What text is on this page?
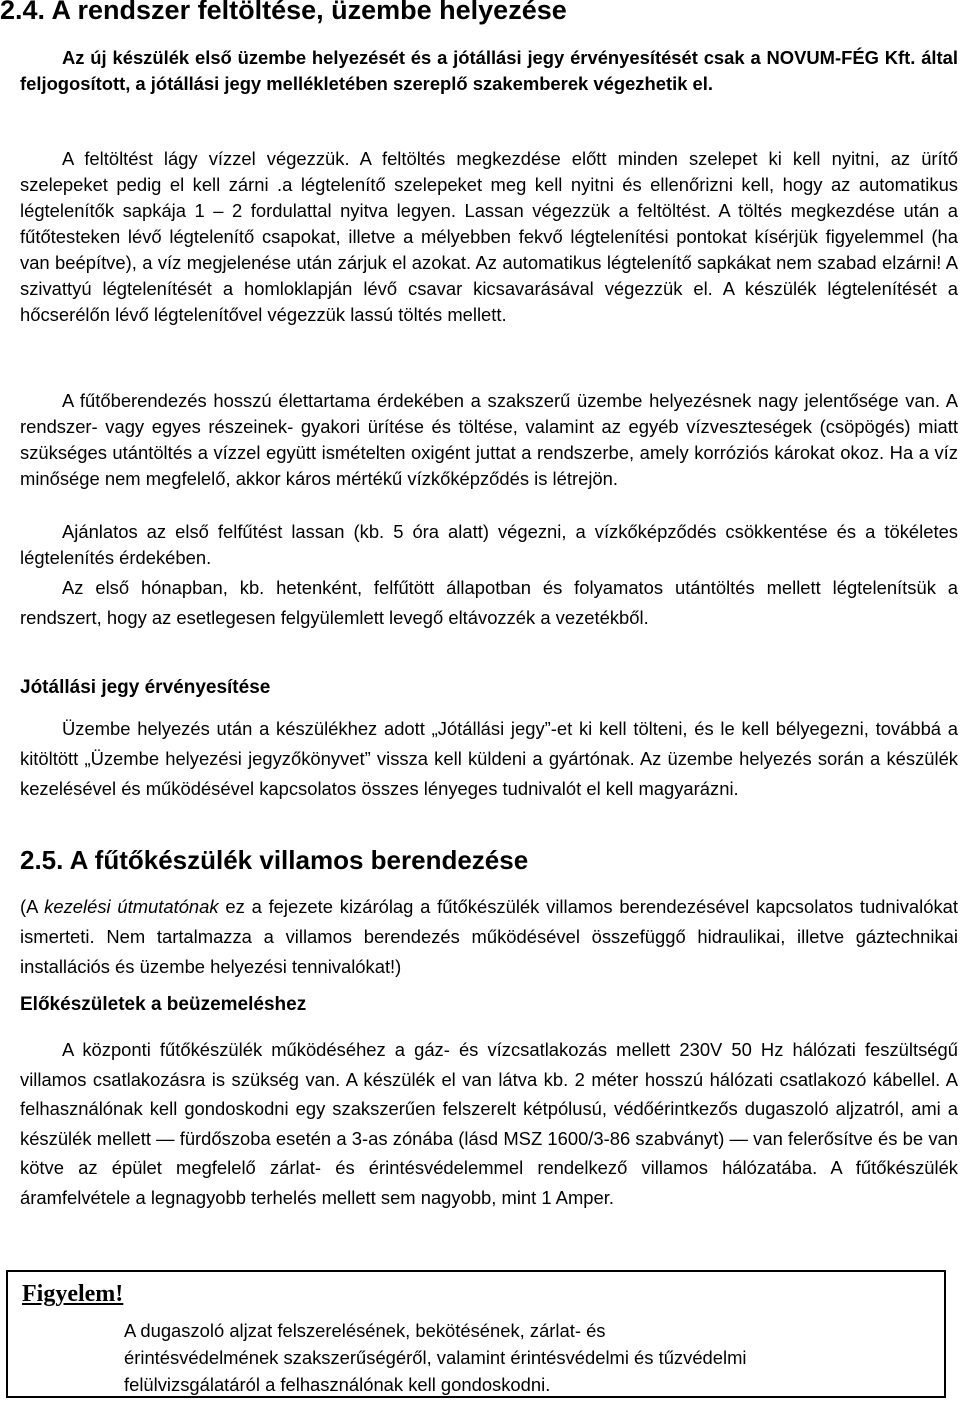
2.4. A rendszer feltöltése, üzembe helyezése

Az új készülék első üzembe helyezését és a jótállási jegy érvényesítését csak a NOVUM-FÉG Kft. által feljogosított, a jótállási jegy mellékletében szereplő szakemberek végezhetik el.

A feltöltést lágy vízzel végezzük. A feltöltés megkezdése előtt minden szelepet ki kell nyitni, az ürítő szelepeket pedig el kell zárni .a légtelenítő szelepeket meg kell nyitni és ellenőrizni kell, hogy az automatikus légtelenítők sapkája 1 – 2 fordulattal nyitva legyen. Lassan végezzük a feltöltést. A töltés megkezdése után a fűtőtesteken lévő légtelenítő csapokat, illetve a mélyebben fekvő légtelenítési pontokat kísérjük figyelemmel (ha van beépítve), a víz megjelenése után zárjuk el azokat. Az automatikus légtelenítő sapkákat nem szabad elzárni! A szivattyú légtelenítését a homloklapján lévő csavar kicsavarásával végezzük el. A készülék légtelenítését a hőcserélőn lévő légtelenítővel végezzük lassú töltés mellett.

A fűtőberendezés hosszú élettartama érdekében a szakszerű üzembe helyezésnek nagy jelentősége van. A rendszer- vagy egyes részeinek- gyakori ürítése és töltése, valamint az egyéb vízveszteségek (csöpögés) miatt szükséges utántöltés a vízzel együtt ismételten oxigént juttat a rendszerbe, amely korróziós károkat okoz. Ha a víz minősége nem megfelelő, akkor káros mértékű vízkőképződés is létrejön.

Ajánlatos az első felfűtést lassan (kb. 5 óra alatt) végezni, a vízkőképződés csökkentése és a tökéletes légtelenítés érdekében.

Az első hónapban, kb. hetenként, felfűtött állapotban és folyamatos utántöltés mellett légtelenítsük a rendszert, hogy az esetlegesen felgyülemlett levegő eltávozzék a vezetékből.

Jótállási jegy érvényesítése

Üzembe helyezés után a készülékhez adott „Jótállási jegy”-et ki kell tölteni, és le kell bélyegezni, továbbá a kitöltött „Üzembe helyezési jegyzőkönyvet” vissza kell küldeni a gyártónak. Az üzembe helyezés során a készülék kezelésével és működésével kapcsolatos összes lényeges tudnivalót el kell magyarázni.

2.5. A fűtőkészülék villamos berendezése

(A kezelési útmutatónak ez a fejezete kizárólag a fűtőkészülék villamos berendezésével kapcsolatos tudnivalókat ismerteti. Nem tartalmazza a villamos berendezés működésével összefüggő hidraulikai, illetve gáztechnikai installációs és üzembe helyezési tennivalókat!)

Előkészületek a beüzemeléshez

A központi fűtőkészülék működéséhez a gáz- és vízcsatlakozás mellett 230V 50 Hz hálózati feszültségű villamos csatlakozásra is szükség van. A készülék el van látva kb. 2 méter hosszú hálózati csatlakozó kábellel. A felhasználónak kell gondoskodni egy szakszerűen felszerelt kétpólusú, védőérintkezős dugaszoló aljzatról, ami a készülék mellett — fürdőszoba esetén a 3-as zónába (lásd MSZ 1600/3-86 szabványt) — van felerősítve és be van kötve az épület megfelelő zárlat- és érintésvédelemmel rendelkező villamos hálózatába. A fűtőkészülék áramfelvétele a legnagyobb terhelés mellett sem nagyobb, mint 1 Amper.

Figyelem!

A dugaszoló aljzat felszerelésének, bekötésének, zárlat- és
érintésvédelmének szakszerűségéről, valamint érintésvédelmi és tűzvédelmi
felülvizsgálatáról a felhasználónak kell gondoskodni.
